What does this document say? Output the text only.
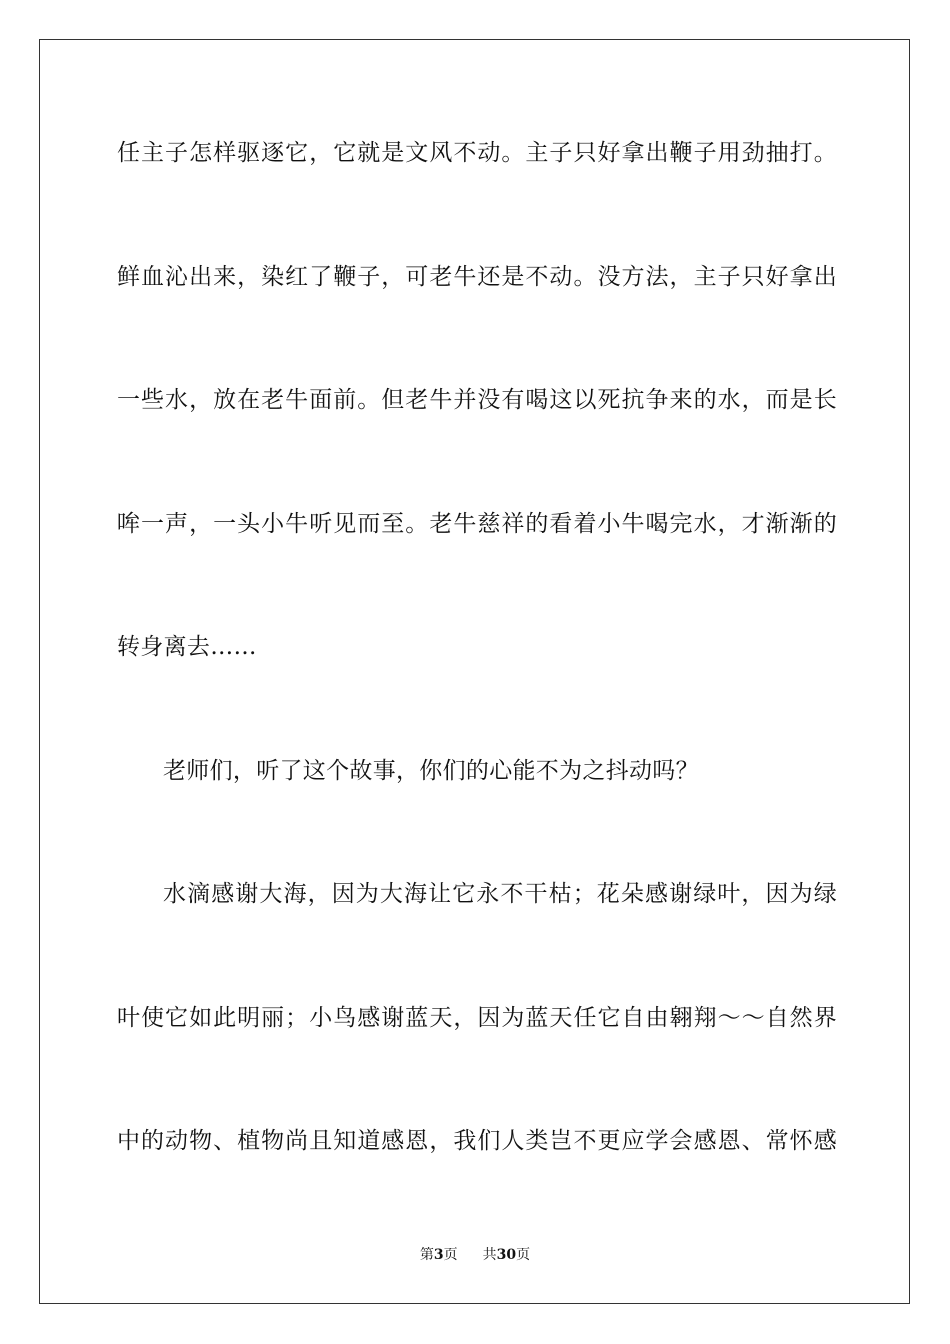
任主子怎样驱逐它，它就是文风不动。主子只好拿出鞭子用劲抽打。
鲜血沁出来，染红了鞭子，可老牛还是不动。没方法，主子只好拿出
一些水，放在老牛面前。但老牛并没有喝这以死抗争来的水，而是长
哞一声，一头小牛听见而至。老牛慈祥的看着小牛喝完水，才渐渐的
转身离去……
老师们，听了这个故事，你们的心能不为之抖动吗？
水滴感谢大海，因为大海让它永不干枯；花朵感谢绿叶，因为绿
叶使它如此明丽；小鸟感谢蓝天，因为蓝天任它自由翱翔～～自然界
中的动物、植物尚且知道感恩，我们人类岂不更应学会感恩、常怀感
第3页 共30页
